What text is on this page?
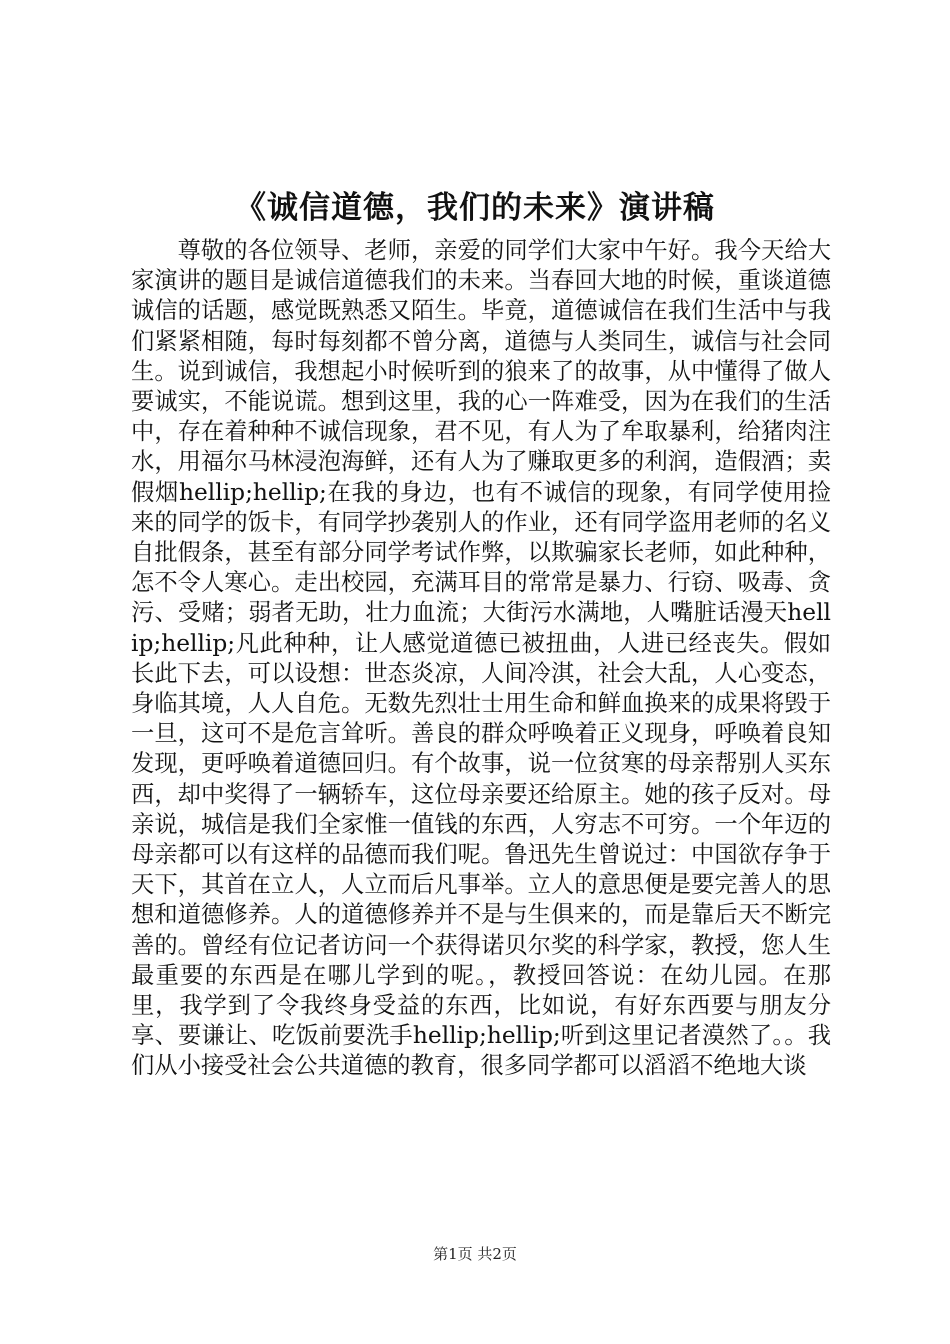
《诚信道德，我们的未来》演讲稿

尊敬的各位领导、老师，亲爱的同学们大家中午好。我今天给大家演讲的题目是诚信道德我们的未来。当春回大地的时候，重谈道德诚信的话题，感觉既熟悉又陌生。毕竟，道德诚信在我们生活中与我们紧紧相随，每时每刻都不曾分离，道德与人类同生，诚信与社会同生。说到诚信，我想起小时候听到的狼来了的故事，从中懂得了做人要诚实，不能说谎。想到这里，我的心一阵难受，因为在我们的生活中，存在着种种不诚信现象，君不见，有人为了牟取暴利，给猪肉注水，用福尔马林浸泡海鲜，还有人为了赚取更多的利润，造假酒；卖假烟hellip;hellip;在我的身边，也有不诚信的现象，有同学使用捡来的同学的饭卡，有同学抄袭别人的作业，还有同学盗用老师的名义自批假条，甚至有部分同学考试作弊，以欺骗家长老师，如此种种，怎不令人寒心。走出校园，充满耳目的常常是暴力、行窃、吸毒、贪污、受赌；弱者无助，壮力血流；大街污水满地，人嘴脏话漫天hellip;hellip;凡此种种，让人感觉道德已被扭曲，人进已经丧失。假如长此下去，可以设想：世态炎凉，人间冷淇，社会大乱，人心变态，身临其境，人人自危。无数先烈壮士用生命和鲜血换来的成果将毁于一旦，这可不是危言耸听。善良的群众呼唤着正义现身，呼唤着良知发现，更呼唤着道德回归。有个故事，说一位贫寒的母亲帮别人买东西，却中奖得了一辆轿车，这位母亲要还给原主。她的孩子反对。母亲说，城信是我们全家惟一值钱的东西，人穷志不可穷。一个年迈的母亲都可以有这样的品德而我们呢。鲁迅先生曾说过：中国欲存争于天下，其首在立人，人立而后凡事举。立人的意思便是要完善人的思想和道德修养。人的道德修养并不是与生俱来的，而是靠后天不断完善的。曾经有位记者访问一个获得诺贝尔奖的科学家，教授，您人生最重要的东西是在哪儿学到的呢。，教授回答说：在幼儿园。在那里，我学到了令我终身受益的东西，比如说，有好东西要与朋友分享、要谦让、吃饭前要洗手hellip;hellip;听到这里记者漠然了。。我们从小接受社会公共道德的教育，很多同学都可以滔滔不绝地大谈

第1页 共2页
